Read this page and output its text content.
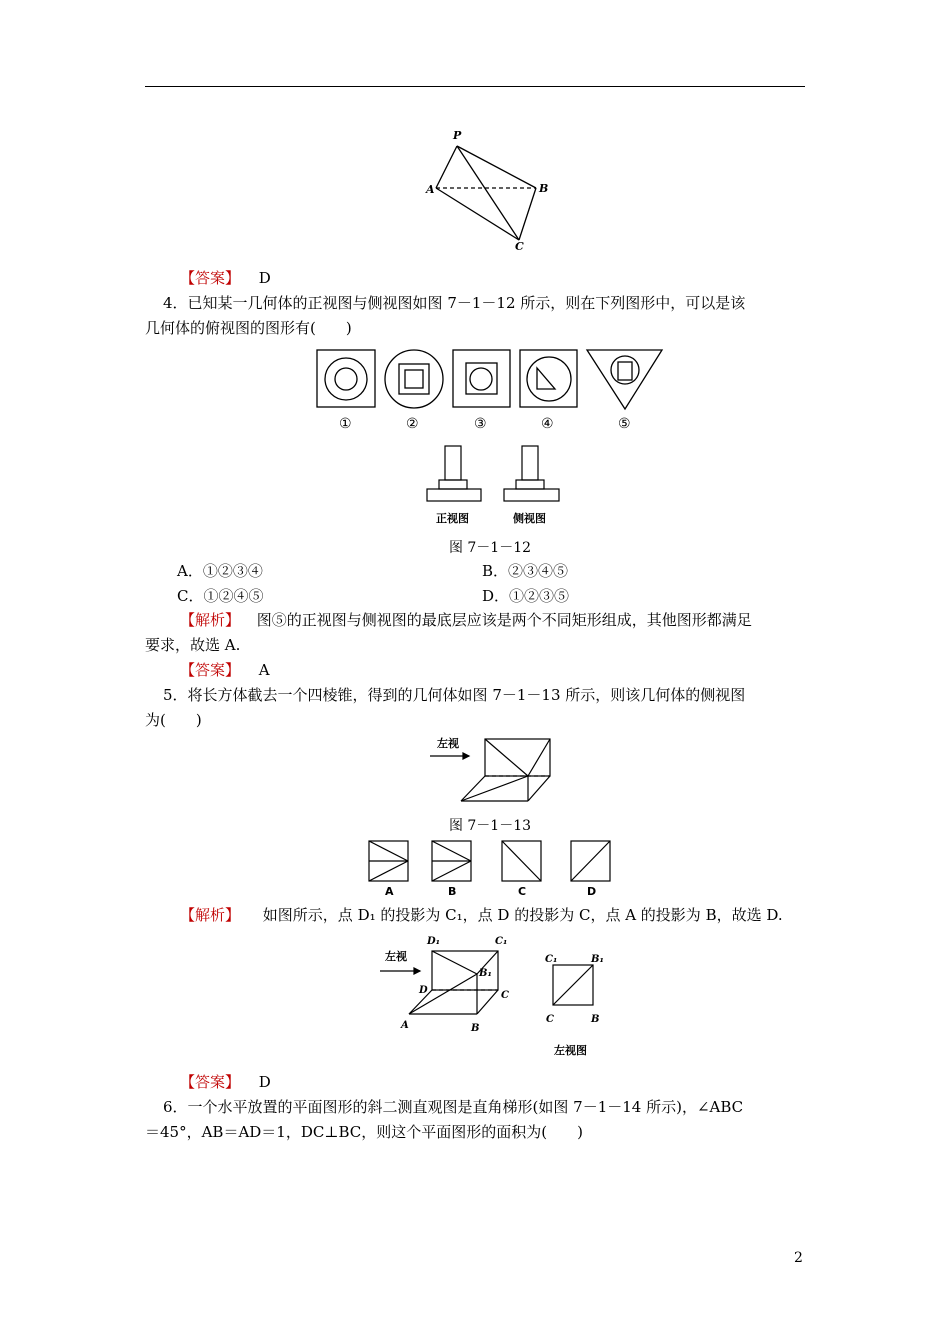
P
A	B
C
【答案】 D
4．已知某一几何体的正视图与侧视图如图 7－1－12 所示，则在下列图形中，可以是该
几何体的俯视图的图形有(　　)
①	②	③	④	⑤
正视图	侧视图
图 7－1－12
A．①②③④	B．②③④⑤
C．①②④⑤	D．①②③⑤
【解析】 图⑤的正视图与侧视图的最底层应该是两个不同矩形组成，其他图形都满足
要求，故选 A.
【答案】 A
5．将长方体截去一个四棱锥，得到的几何体如图 7－1－13 所示，则该几何体的侧视图
为(　　)
左视
图 7－1－13
A	B	C	D
【解析】 如图所示，点 D₁ 的投影为 C₁，点 D 的投影为 C，点 A 的投影为 B，故选 D.
左视
D₁	C₁
B₁
D	C
A	B
C₁	B₁
C	B
左视图
【答案】 D
6．一个水平放置的平面图形的斜二测直观图是直角梯形(如图 7－1－14 所示)，∠ABC
＝45°，AB＝AD＝1，DC⊥BC，则这个平面图形的面积为(　　)
2
